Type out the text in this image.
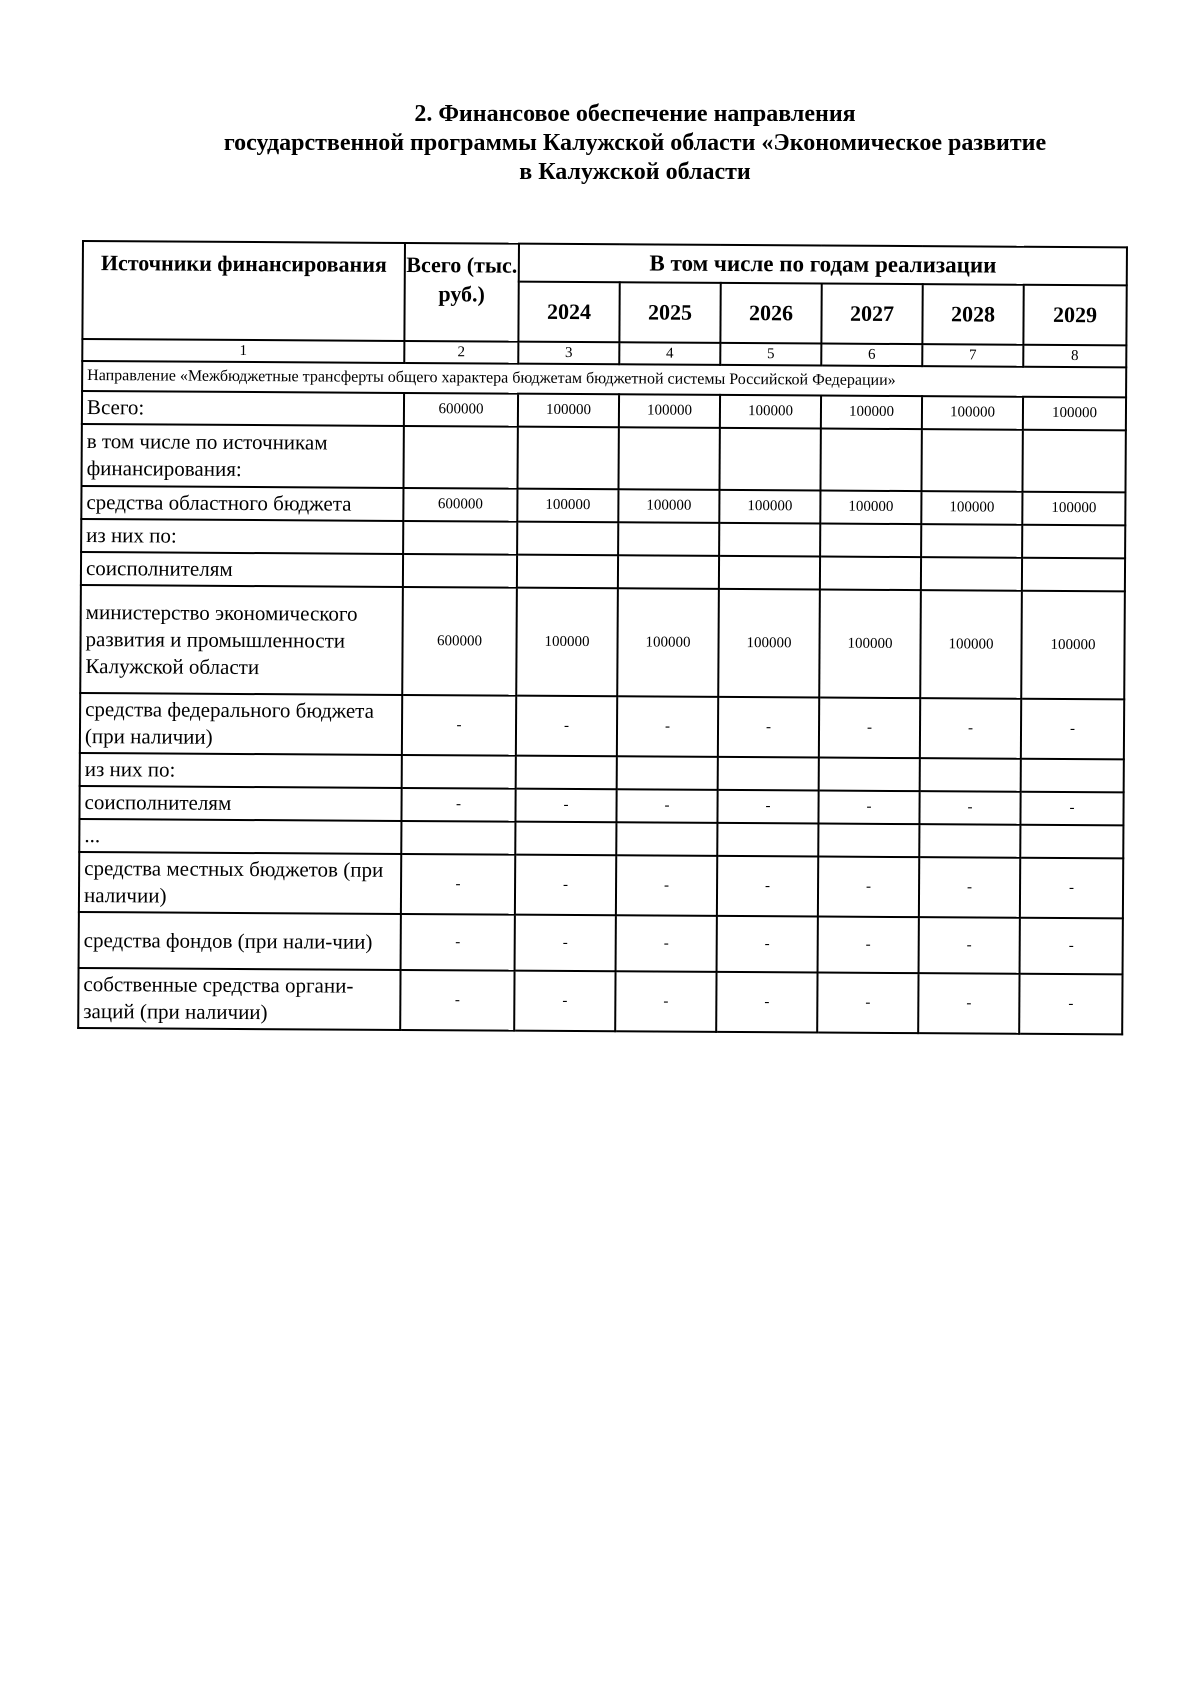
2. Финансовое обеспечение направления
государственной программы Калужской области «Экономическое развитие
в Калужской области
Источники финансирования	Всего (тыс. руб.)	В том числе по годам реализации					
		2024	2025	2026	2027	2028	2029
1	2	3	4	5	6	7	8
Направление «Межбюджетные трансферты общего характера бюджетам бюджетной системы Российской Федерации»							
Всего:	600000	100000	100000	100000	100000	100000	100000
в том числе по источникам финансирования:							
средства областного бюджета	600000	100000	100000	100000	100000	100000	100000
из них по:							
соисполнителям							
министерство экономического развития и промышленности Калужской области	600000	100000	100000	100000	100000	100000	100000
средства федерального бюджета (при наличии)	-	-	-	-	-	-	-
из них по:							
соисполнителям	-	-	-	-	-	-	-
...							
средства местных бюджетов (при наличии)	-	-	-	-	-	-	-
средства фондов (при нали-чии)	-	-	-	-	-	-	-
собственные средства органи-заций (при наличии)	-	-	-	-	-	-	-
